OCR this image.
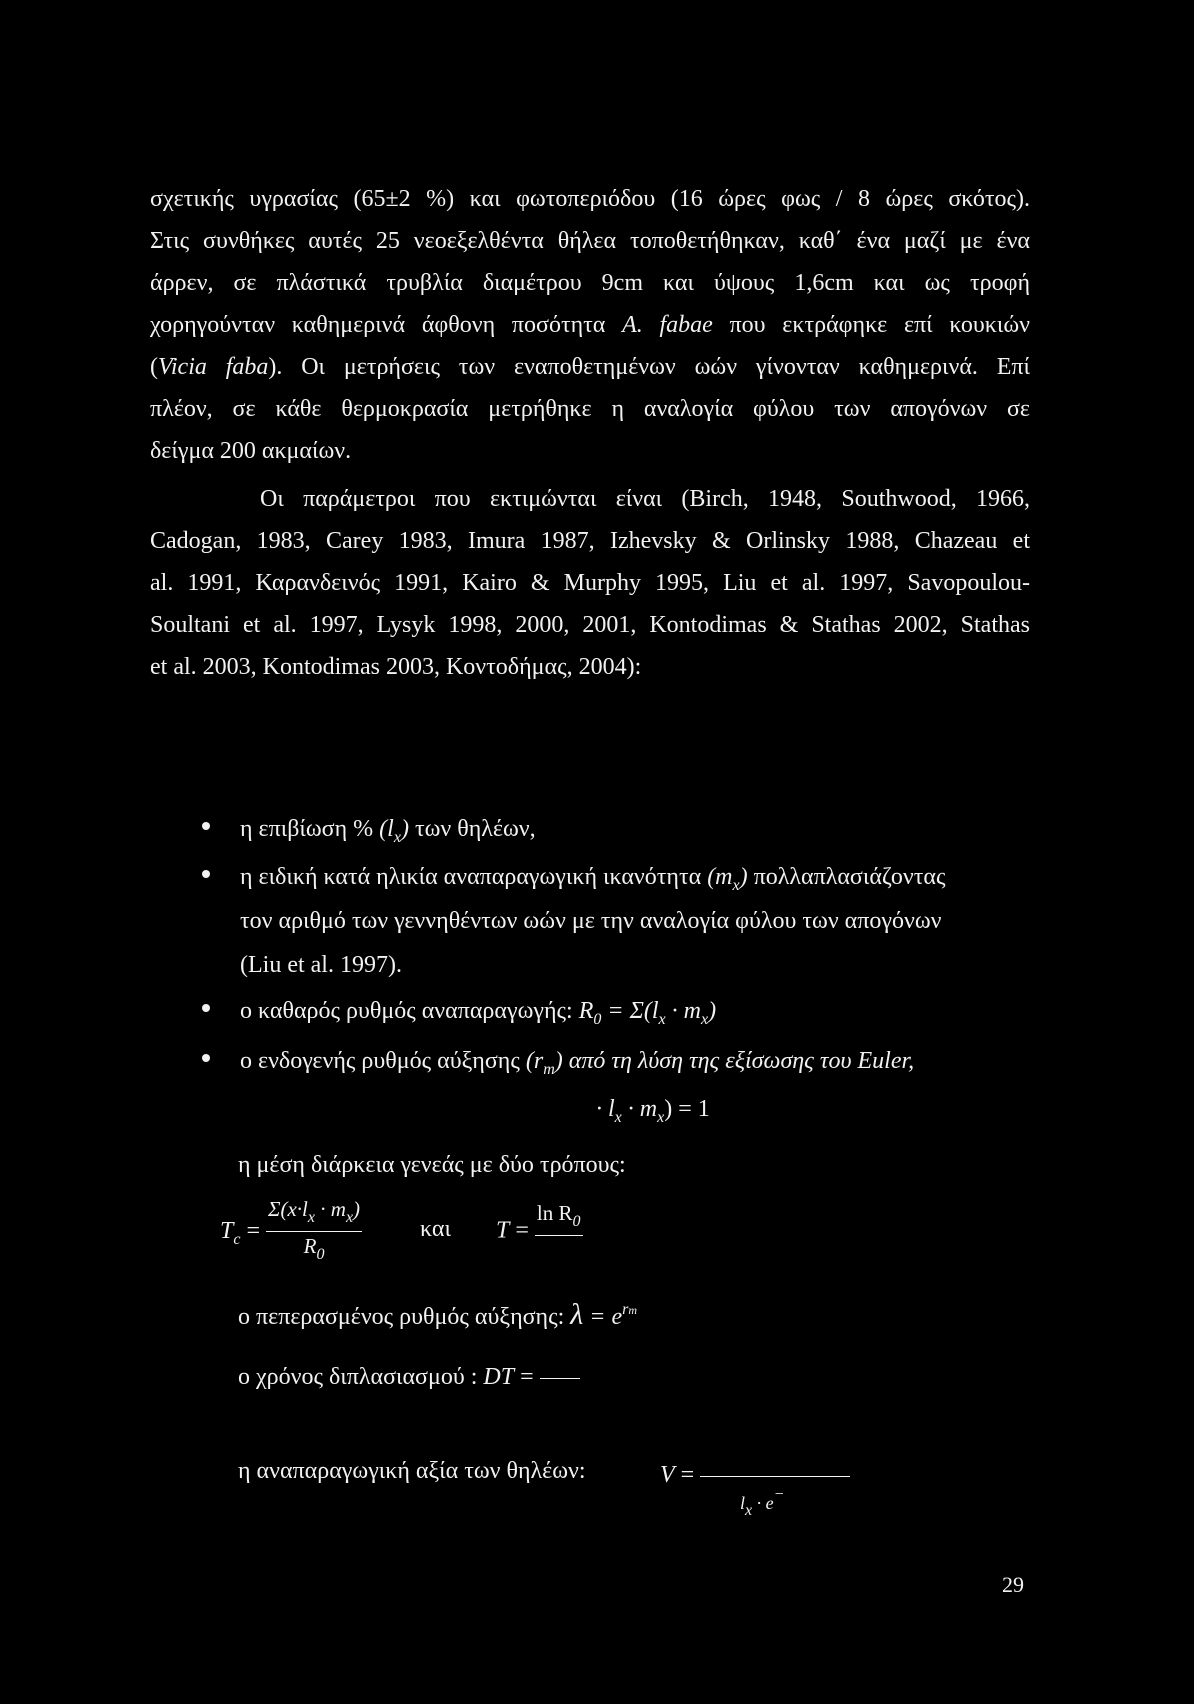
σχετικής υγρασίας (65±2 %) και φωτοπεριόδου (16 ώρες φως / 8 ώρες σκότος).
Στις συνθήκες αυτές 25 νεοεξελθέντα θήλεα τοποθετήθηκαν, καθ΄ ένα μαζί με ένα
άρρεν, σε πλάστικά τρυβλία διαμέτρου 9cm και ύψους 1,6cm και ως τροφή
χορηγούνταν καθημερινά άφθονη ποσότητα A. fabae που εκτράφηκε επί κουκιών
(Vicia faba). Οι μετρήσεις των εναποθετημένων ωών γίνονταν καθημερινά. Επί
πλέον, σε κάθε θερμοκρασία μετρήθηκε η αναλογία φύλου των απογόνων σε
δείγμα 200 ακμαίων.
Οι παράμετροι που εκτιμώνται είναι (Birch, 1948, Southwood, 1966,
Cadogan, 1983, Carey 1983, Imura 1987, Izhevsky & Orlinsky 1988, Chazeau et
al. 1991, Καρανδεινός 1991, Kairo & Murphy 1995, Liu et al. 1997, Savopoulou-
Soultani et al. 1997, Lysyk 1998, 2000, 2001, Kontodimas & Stathas 2002, Stathas
et al. 2003, Kontodimas 2003, Κοντοδήμας, 2004):
η επιβίωση % $(l_x)$ των θηλέων,
η ειδική κατά ηλικία αναπαραγωγική ικανότητα $(m_x)$ πολλαπλασιάζοντας
τον αριθμό των γεννηθέντων ωών με την αναλογία φύλου των απογόνων
(Liu et al. 1997).
ο καθαρός ρυθμός αναπαραγωγής: $R_0 = \Sigma(l_x \cdot m_x)$
ο ενδογενής ρυθμός αύξησης $(r_m)$ από τη λύση της εξίσωσης του Euler,
· $l_x \cdot m_x) = 1$
η μέση διάρκεια γενεάς με δύο τρόπους:
$T_c = \frac{\Sigma(x\cdot l_x \cdot m_x)}{R_0}$ και T =
$\ln R_0$

ο πεπερασμένος ρυθμός αύξησης: $\lambda = e^{rm}$
ο χρόνος διπλασιασμού : DT =
η αναπαραγωγική αξία των θηλέων:	V =
lx · e−
29
